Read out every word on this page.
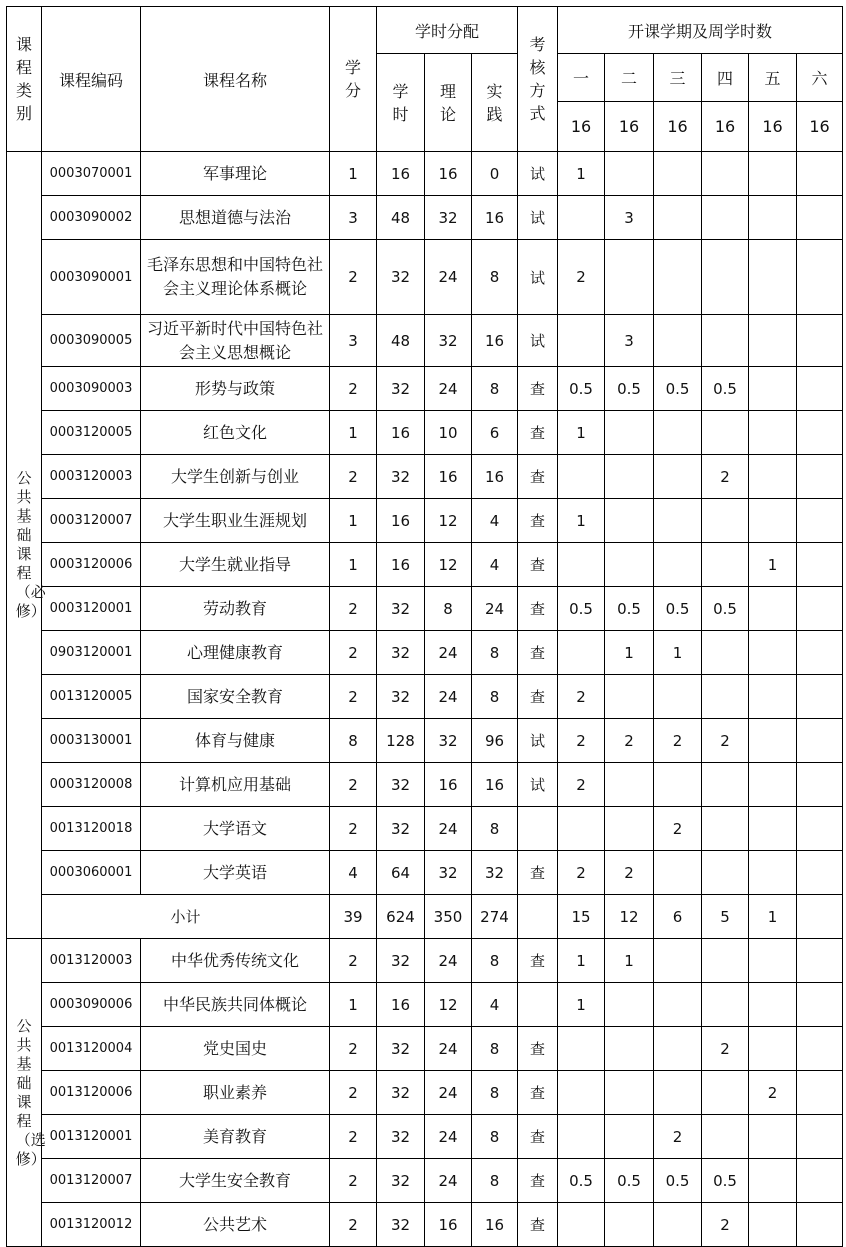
课程类别	课程编码	课程名称	学分	学时分配			考核方式	开课学期及周学时数					
				学时	理论	实践		一	二	三	四	五	六
								16	16	16	16	16	16
公共基础课程（必修）	0003070001	军事理论	1	16	16	0	试	1					
	0003090002	思想道德与法治	3	48	32	16	试		3				
	0003090001	毛泽东思想和中国特色社会主义理论体系概论	2	32	24	8	试	2					
	0003090005	习近平新时代中国特色社会主义思想概论	3	48	32	16	试		3				
	0003090003	形势与政策	2	32	24	8	查	0.5	0.5	0.5	0.5		
	0003120005	红色文化	1	16	10	6	查	1					
	0003120003	大学生创新与创业	2	32	16	16	查				2		
	0003120007	大学生职业生涯规划	1	16	12	4	查	1					
	0003120006	大学生就业指导	1	16	12	4	查					1	
	0003120001	劳动教育	2	32	8	24	查	0.5	0.5	0.5	0.5		
	0903120001	心理健康教育	2	32	24	8	查		1	1			
	0013120005	国家安全教育	2	32	24	8	查	2					
	0003130001	体育与健康	8	128	32	96	试	2	2	2	2		
	0003120008	计算机应用基础	2	32	16	16	试	2					
	0013120018	大学语文	2	32	24	8				2			
	0003060001	大学英语	4	64	32	32	查	2	2				
	小计		39	624	350	274		15	12	6	5	1	
公共基础课程（选修）	0013120003	中华优秀传统文化	2	32	24	8	查	1	1				
	0003090006	中华民族共同体概论	1	16	12	4		1					
	0013120004	党史国史	2	32	24	8	查				2		
	0013120006	职业素养	2	32	24	8	查					2	
	0013120001	美育教育	2	32	24	8	查			2			
	0013120007	大学生安全教育	2	32	24	8	查	0.5	0.5	0.5	0.5		
	0013120012	公共艺术	2	32	16	16	查				2		
